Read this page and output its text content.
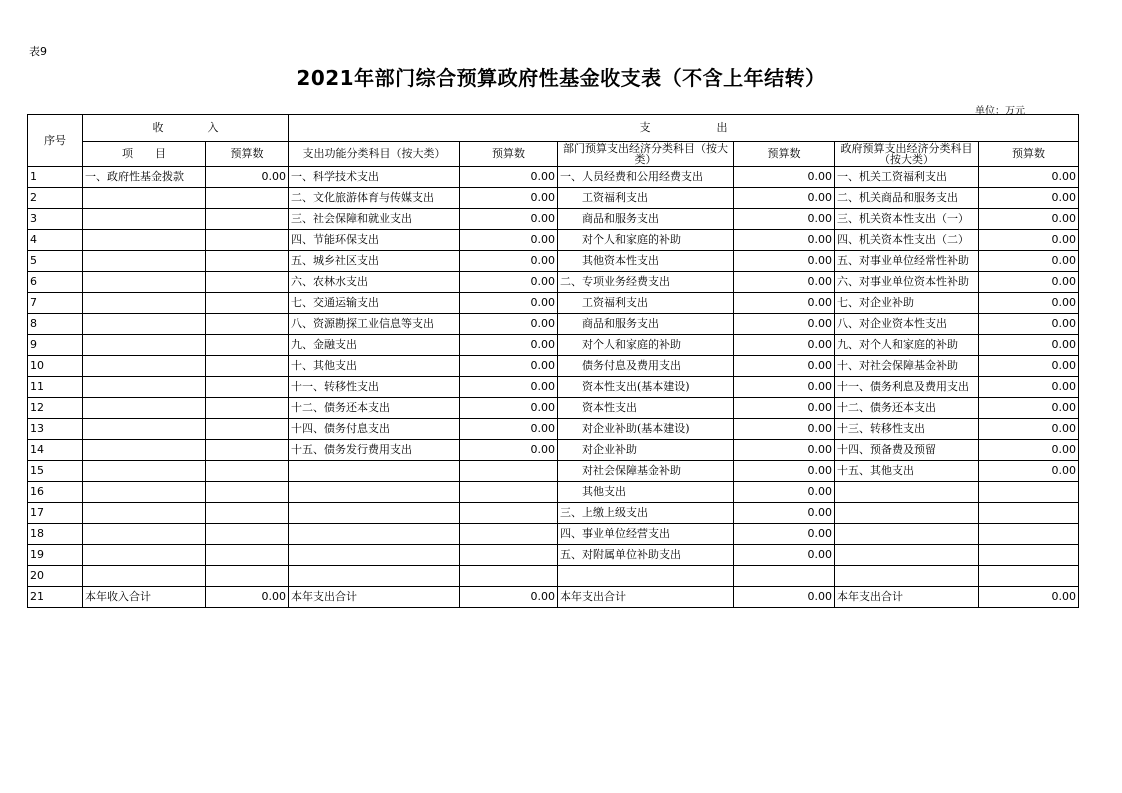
表9
2021年部门综合预算政府性基金收支表（不含上年结转）
单位：万元
序号	收　　　　入		支　　　　　　出					
	项　　目	预算数	支出功能分类科目（按大类）	预算数	部门预算支出经济分类科目（按大类）	预算数	政府预算支出经济分类科目（按大类）	预算数
1	一、政府性基金拨款	0.00	一、科学技术支出	0.00	一、人员经费和公用经费支出	0.00	一、机关工资福利支出	0.00
2			二、文化旅游体育与传媒支出	0.00	工资福利支出	0.00	二、机关商品和服务支出	0.00
3			三、社会保障和就业支出	0.00	商品和服务支出	0.00	三、机关资本性支出（一）	0.00
4			四、节能环保支出	0.00	对个人和家庭的补助	0.00	四、机关资本性支出（二）	0.00
5			五、城乡社区支出	0.00	其他资本性支出	0.00	五、对事业单位经常性补助	0.00
6			六、农林水支出	0.00	二、专项业务经费支出	0.00	六、对事业单位资本性补助	0.00
7			七、交通运输支出	0.00	工资福利支出	0.00	七、对企业补助	0.00
8			八、资源勘探工业信息等支出	0.00	商品和服务支出	0.00	八、对企业资本性支出	0.00
9			九、金融支出	0.00	对个人和家庭的补助	0.00	九、对个人和家庭的补助	0.00
10			十、其他支出	0.00	债务付息及费用支出	0.00	十、对社会保障基金补助	0.00
11			十一、转移性支出	0.00	资本性支出(基本建设)	0.00	十一、债务利息及费用支出	0.00
12			十二、债务还本支出	0.00	资本性支出	0.00	十二、债务还本支出	0.00
13			十四、债务付息支出	0.00	对企业补助(基本建设)	0.00	十三、转移性支出	0.00
14			十五、债务发行费用支出	0.00	对企业补助	0.00	十四、预备费及预留	0.00
15					对社会保障基金补助	0.00	十五、其他支出	0.00
16					其他支出	0.00		
17					三、上缴上级支出	0.00		
18					四、事业单位经营支出	0.00		
19					五、对附属单位补助支出	0.00		
20								
21	本年收入合计	0.00	本年支出合计	0.00	本年支出合计	0.00	本年支出合计	0.00
